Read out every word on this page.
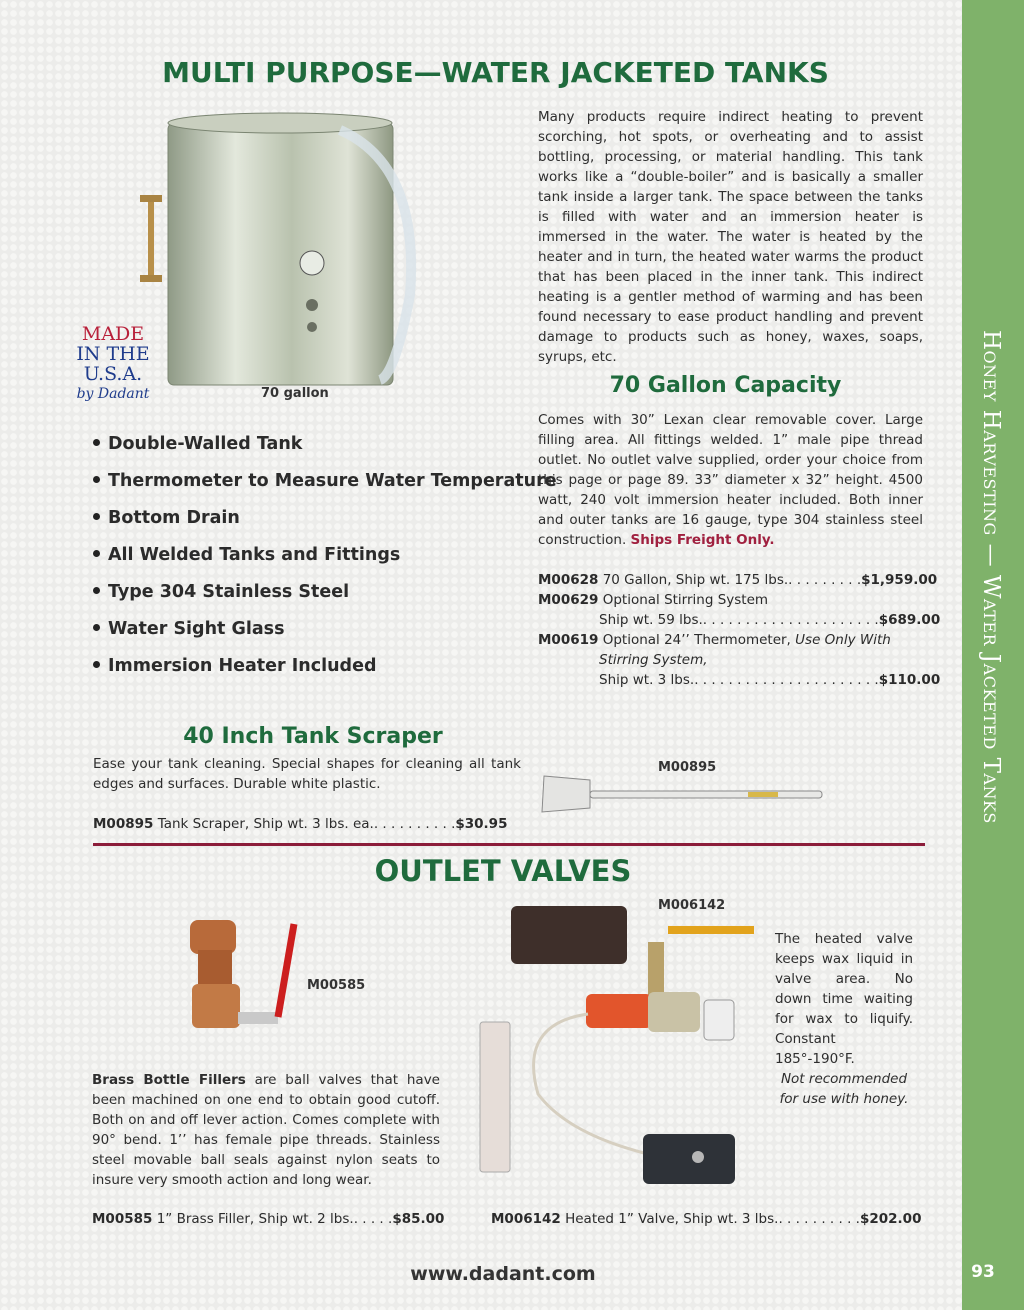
Honey Harvesting — Water Jacketed Tanks
93
MULTI PURPOSE—WATER JACKETED TANKS
70 gallon
MADE
IN THE
U.S.A.
by Dadant
Many products require indirect heating to prevent scorching, hot spots, or overheating and to assist bottling, processing, or material handling. This tank works like a “double-boiler” and is basically a smaller tank inside a larger tank. The space between the tanks is filled with water and an immersion heater is immersed in the water. The water is heated by the heater and in turn, the heated water warms the product that has been placed in the inner tank. This indirect heating is a gentler method of warming and has been found necessary to ease product handling and prevent damage to products such as honey, waxes, soaps, syrups, etc.
70 Gallon Capacity
Comes with 30” Lexan clear removable cover. Large filling area. All fittings welded. 1” male pipe thread outlet. No outlet valve supplied, order your choice from this page or page 89. 33” diameter x 32” height. 4500 watt, 240 volt immersion heater included. Both inner and outer tanks are 16 gauge, type 304 stainless steel construction. Ships Freight Only.
M00628
70 Gallon, Ship wt. 175 lbs. . . . . . . . . . $1,959.00
M00629 Optional Stirring System
Ship wt. 59 lbs. . . . . . . . . . . . . . . . . . . . . . $689.00
M00619 Optional 24’’ Thermometer, Use Only With
Stirring System,
Ship wt. 3 lbs. . . . . . . . . . . . . . . . . . . . . . . $110.00
Double-Walled Tank
Thermometer to Measure Water Temperature
Bottom Drain
All Welded Tanks and Fittings
Type 304 Stainless Steel
Water Sight Glass
Immersion Heater Included
40 Inch Tank Scraper
Ease your tank cleaning. Special shapes for cleaning all tank edges and surfaces. Durable white plastic.
M00895
M00895
Tank Scraper, Ship wt. 3 lbs. ea. . . . . . . . . . . $30.95
OUTLET VALVES
M00585
Brass Bottle Fillers are ball valves that have been machined on one end to obtain good cutoff. Both on and off lever action. Comes complete with 90° bend. 1’’ has female pipe threads. Stainless steel movable ball seals against nylon seats to insure very smooth action and long wear.
M00585
1” Brass Filler, Ship wt. 2 lbs. . . . . . $85.00
M006142
The heated valve keeps wax liquid in valve area. No down time waiting for wax to liquify. Constant 185°-190°F.
Not recommended for use with honey.
M006142
Heated 1” Valve, Ship wt. 3 lbs. . . . . . . . . . . $202.00
www.dadant.com
